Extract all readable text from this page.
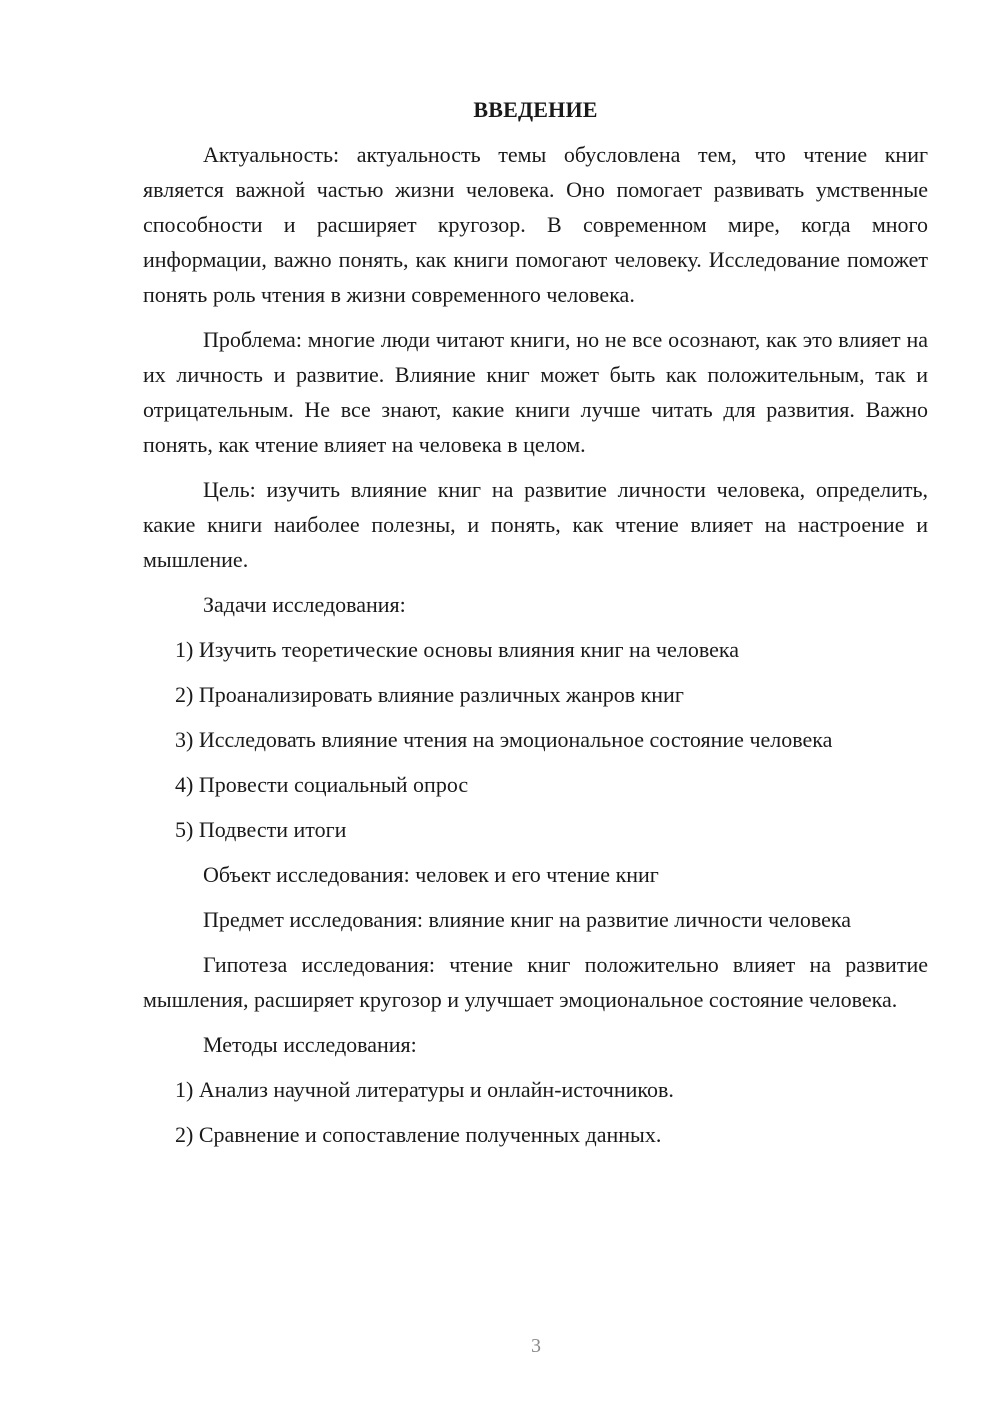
ВВЕДЕНИЕ

Актуальность: актуальность темы обусловлена тем, что чтение книг является важной частью жизни человека. Оно помогает развивать умственные способности и расширяет кругозор. В современном мире, когда много информации, важно понять, как книги помогают человеку. Исследование поможет понять роль чтения в жизни современного человека.

Проблема: многие люди читают книги, но не все осознают, как это влияет на их личность и развитие. Влияние книг может быть как положительным, так и отрицательным. Не все знают, какие книги лучше читать для развития. Важно понять, как чтение влияет на человека в целом.

Цель: изучить влияние книг на развитие личности человека, определить, какие книги наиболее полезны, и понять, как чтение влияет на настроение и мышление.

Задачи исследования:

1) Изучить теоретические основы влияния книг на человека
2) Проанализировать влияние различных жанров книг
3) Исследовать влияние чтения на эмоциональное состояние человека
4) Провести социальный опрос
5) Подвести итоги

Объект исследования: человек и его чтение книг

Предмет исследования: влияние книг на развитие личности человека

Гипотеза исследования: чтение книг положительно влияет на развитие мышления, расширяет кругозор и улучшает эмоциональное состояние человека.

Методы исследования:

1) Анализ научной литературы и онлайн-источников.
2) Сравнение и сопоставление полученных данных.
3
